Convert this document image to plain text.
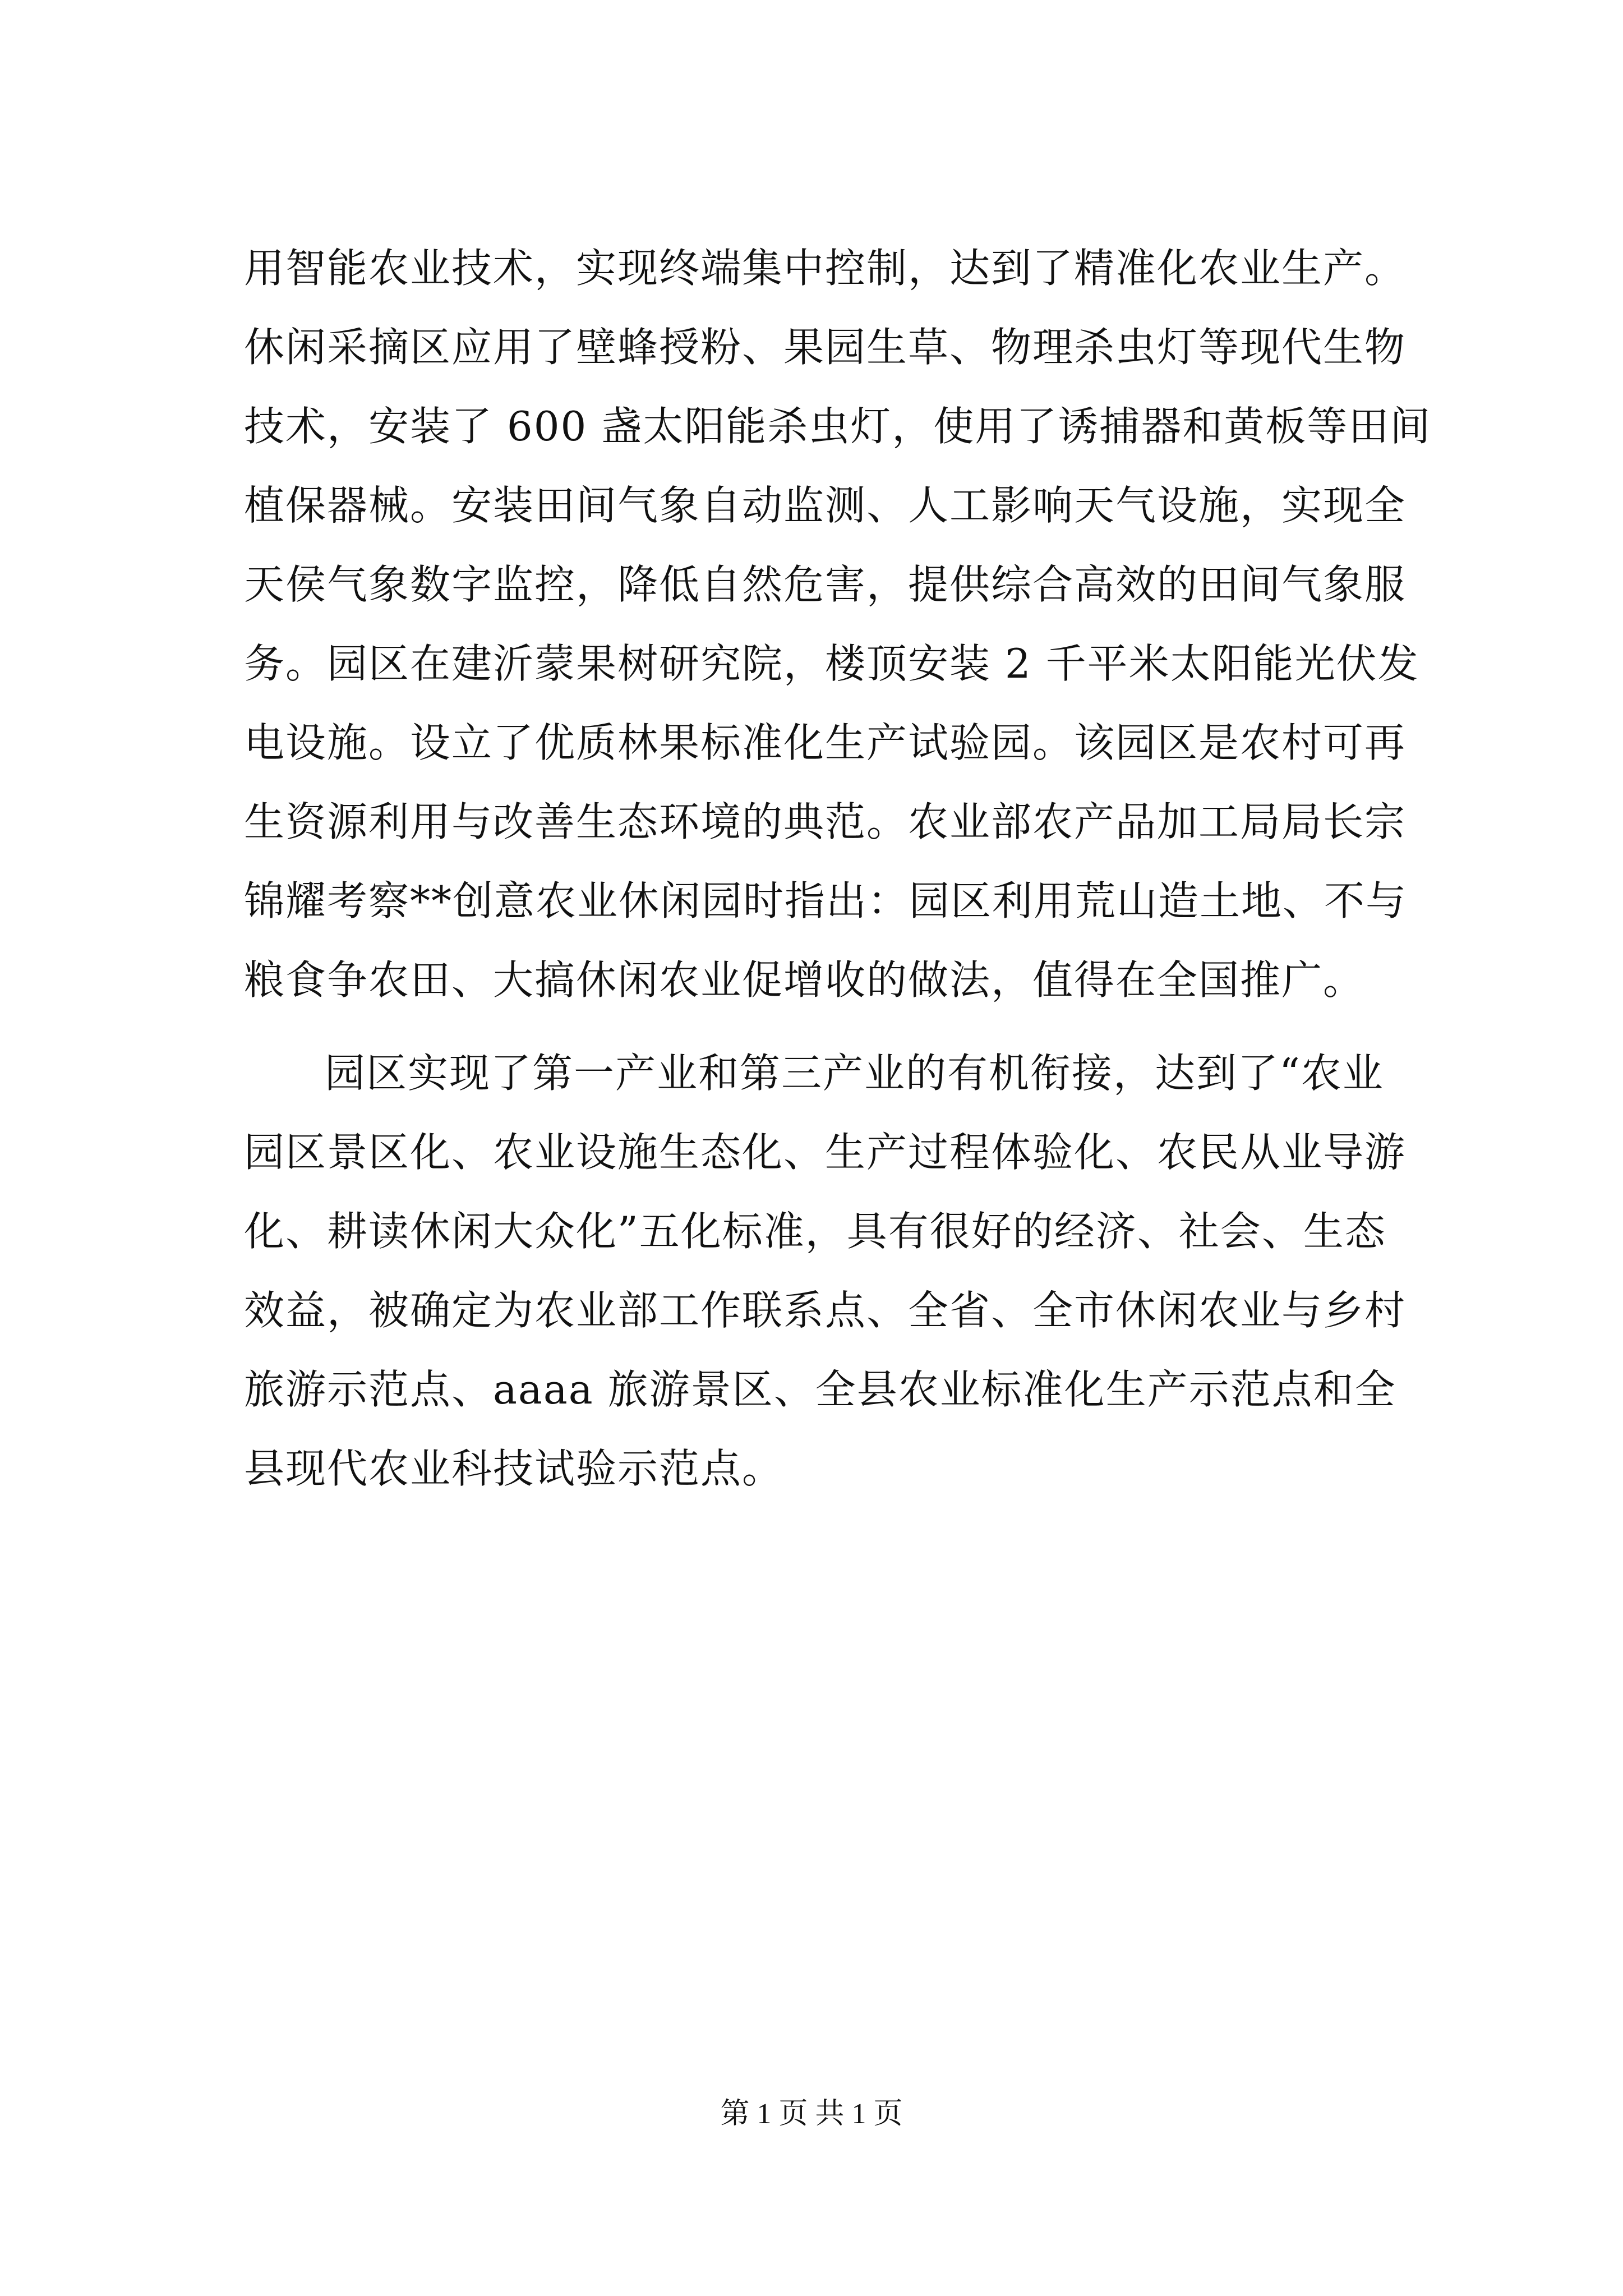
用智能农业技术，实现终端集中控制，达到了精准化农业生产。
休闲采摘区应用了壁蜂授粉、果园生草、物理杀虫灯等现代生物
技术，安装了 600 盏太阳能杀虫灯，使用了诱捕器和黄板等田间
植保器械。安装田间气象自动监测、人工影响天气设施，实现全
天侯气象数字监控，降低自然危害，提供综合高效的田间气象服
务。园区在建沂蒙果树研究院，楼顶安装 2 千平米太阳能光伏发
电设施。设立了优质林果标准化生产试验园。该园区是农村可再
生资源利用与改善生态环境的典范。农业部农产品加工局局长宗
锦耀考察**创意农业休闲园时指出：园区利用荒山造土地、不与
粮食争农田、大搞休闲农业促增收的做法，值得在全国推广。
园区实现了第一产业和第三产业的有机衔接，达到了“农业
园区景区化、农业设施生态化、生产过程体验化、农民从业导游
化、耕读休闲大众化”五化标准，具有很好的经济、社会、生态
效益，被确定为农业部工作联系点、全省、全市休闲农业与乡村
旅游示范点、aaaa 旅游景区、全县农业标准化生产示范点和全
县现代农业科技试验示范点。
第 1 页 共 1 页
